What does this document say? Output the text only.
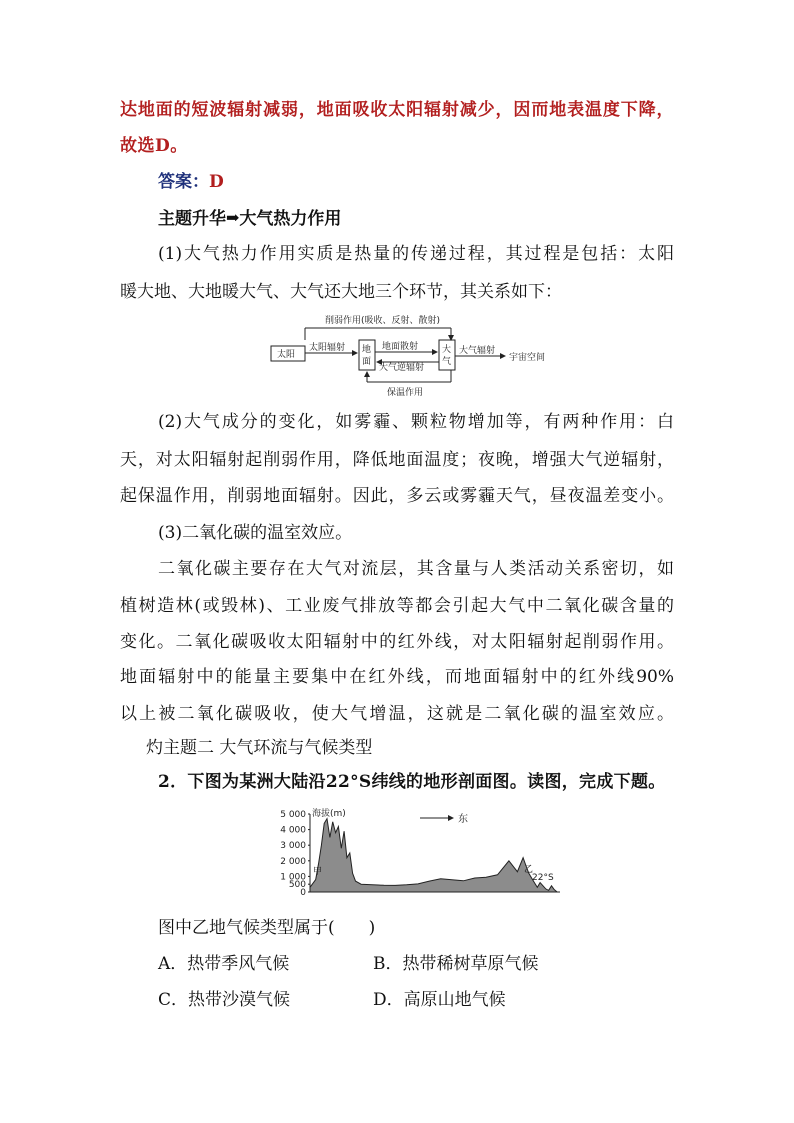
达地面的短波辐射减弱，地面吸收太阳辐射减少，因而地表温度下降，
故选D。
答案：D
主题升华➡大气热力作用
(1)大气热力作用实质是热量的传递过程，其过程是包括：太阳
暖大地、大地暖大气、大气还大地三个环节，其关系如下：
削弱作用(吸收、反射、散射)
太阳
太阳辐射 地
面
地面散射
大气逆辐射
大
气
大气辐射
宇宙空间
保温作用
(2)大气成分的变化，如雾霾、颗粒物增加等，有两种作用：白
天，对太阳辐射起削弱作用，降低地面温度；夜晚，增强大气逆辐射，
起保温作用，削弱地面辐射。因此，多云或雾霾天气，昼夜温差变小。
(3)二氧化碳的温室效应。
二氧化碳主要存在大气对流层，其含量与人类活动关系密切，如
植树造林(或毁林)、工业废气排放等都会引起大气中二氧化碳含量的
变化。二氧化碳吸收太阳辐射中的红外线，对太阳辐射起削弱作用。
地面辐射中的能量主要集中在红外线，而地面辐射中的红外线90%
以上被二氧化碳吸收，使大气增温，这就是二氧化碳的温室效应。
灼主题二 大气环流与气候类型
2．下图为某洲大陆沿22°S纬线的地形剖面图。读图，完成下题。
5 000
4 000
3 000
2 000
1 000
500
0
海拔(m)	东
甲	乙
22°S
图中乙地气候类型属于(　　)
A．热带季风气候	B．热带稀树草原气候
C．热带沙漠气候	D．高原山地气候
